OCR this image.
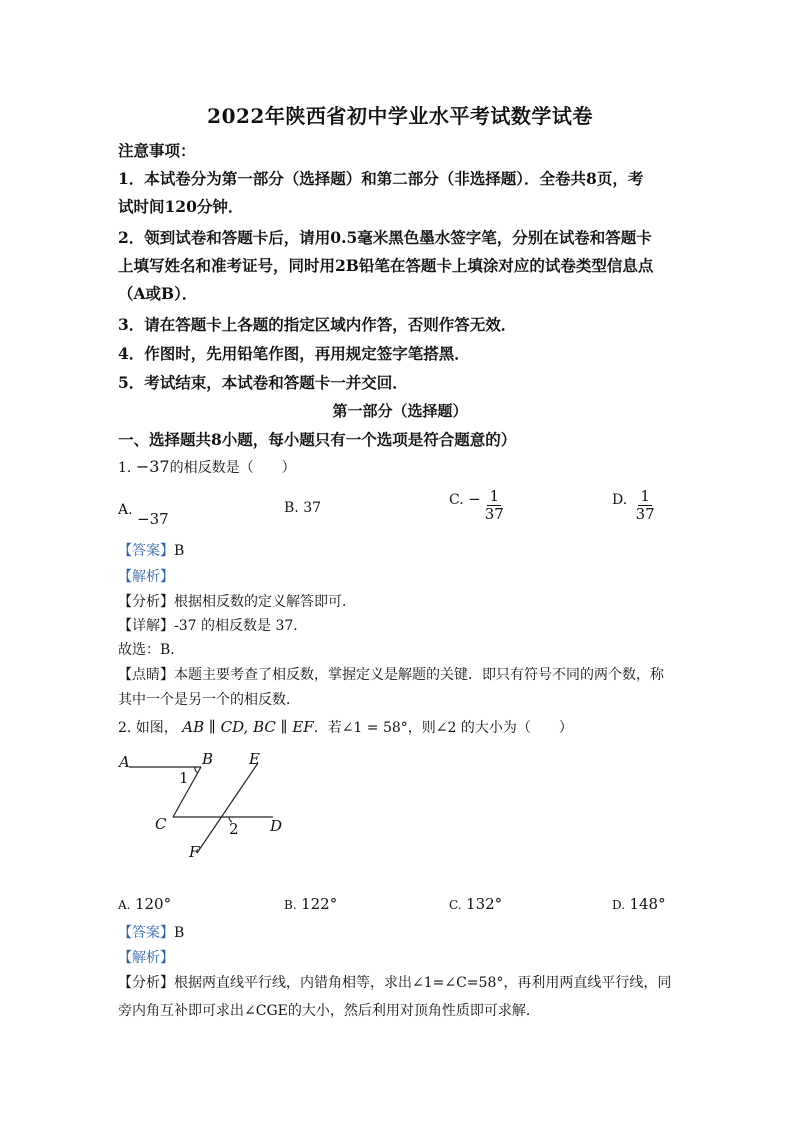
2022年陕西省初中学业水平考试数学试卷
注意事项：
1．本试卷分为第一部分（选择题）和第二部分（非选择题）．全卷共8页，考
试时间120分钟．
2．领到试卷和答题卡后，请用0.5毫米黑色墨水签字笔，分别在试卷和答题卡
上填写姓名和准考证号，同时用2B铅笔在答题卡上填涂对应的试卷类型信息点
（A或B）．
3．请在答题卡上各题的指定区域内作答，否则作答无效．
4．作图时，先用铅笔作图，再用规定签字笔搭黑．
5．考试结束，本试卷和答题卡一并交回．
第一部分（选择题）
一、选择题共8小题，每小题只有一个选项是符合题意的）
1. −37的相反数是（　　）
A. −37
B. 37
C. − $\frac{1}{37}$	D. $\frac{1}{37}$
【答案】B
【解析】
【分析】根据相反数的定义解答即可．
【详解】-37 的相反数是 37．
故选：B．
【点睛】本题主要考查了相反数，掌握定义是解题的关键．即只有符号不同的两个数，称
其中一个是另一个的相反数．
2. 如图， AB ∥ CD, BC ∥ EF．若∠1 = 58°，则∠2 的大小为（　　）
A	B E
C	D
F
1
2
A. 120°	B. 122°	C. 132°	D. 148°
【答案】B
【解析】
【分析】根据两直线平行线，内错角相等，求出∠1=∠C=58°，再利用两直线平行线，同
旁内角互补即可求出∠CGE的大小，然后利用对顶角性质即可求解．
